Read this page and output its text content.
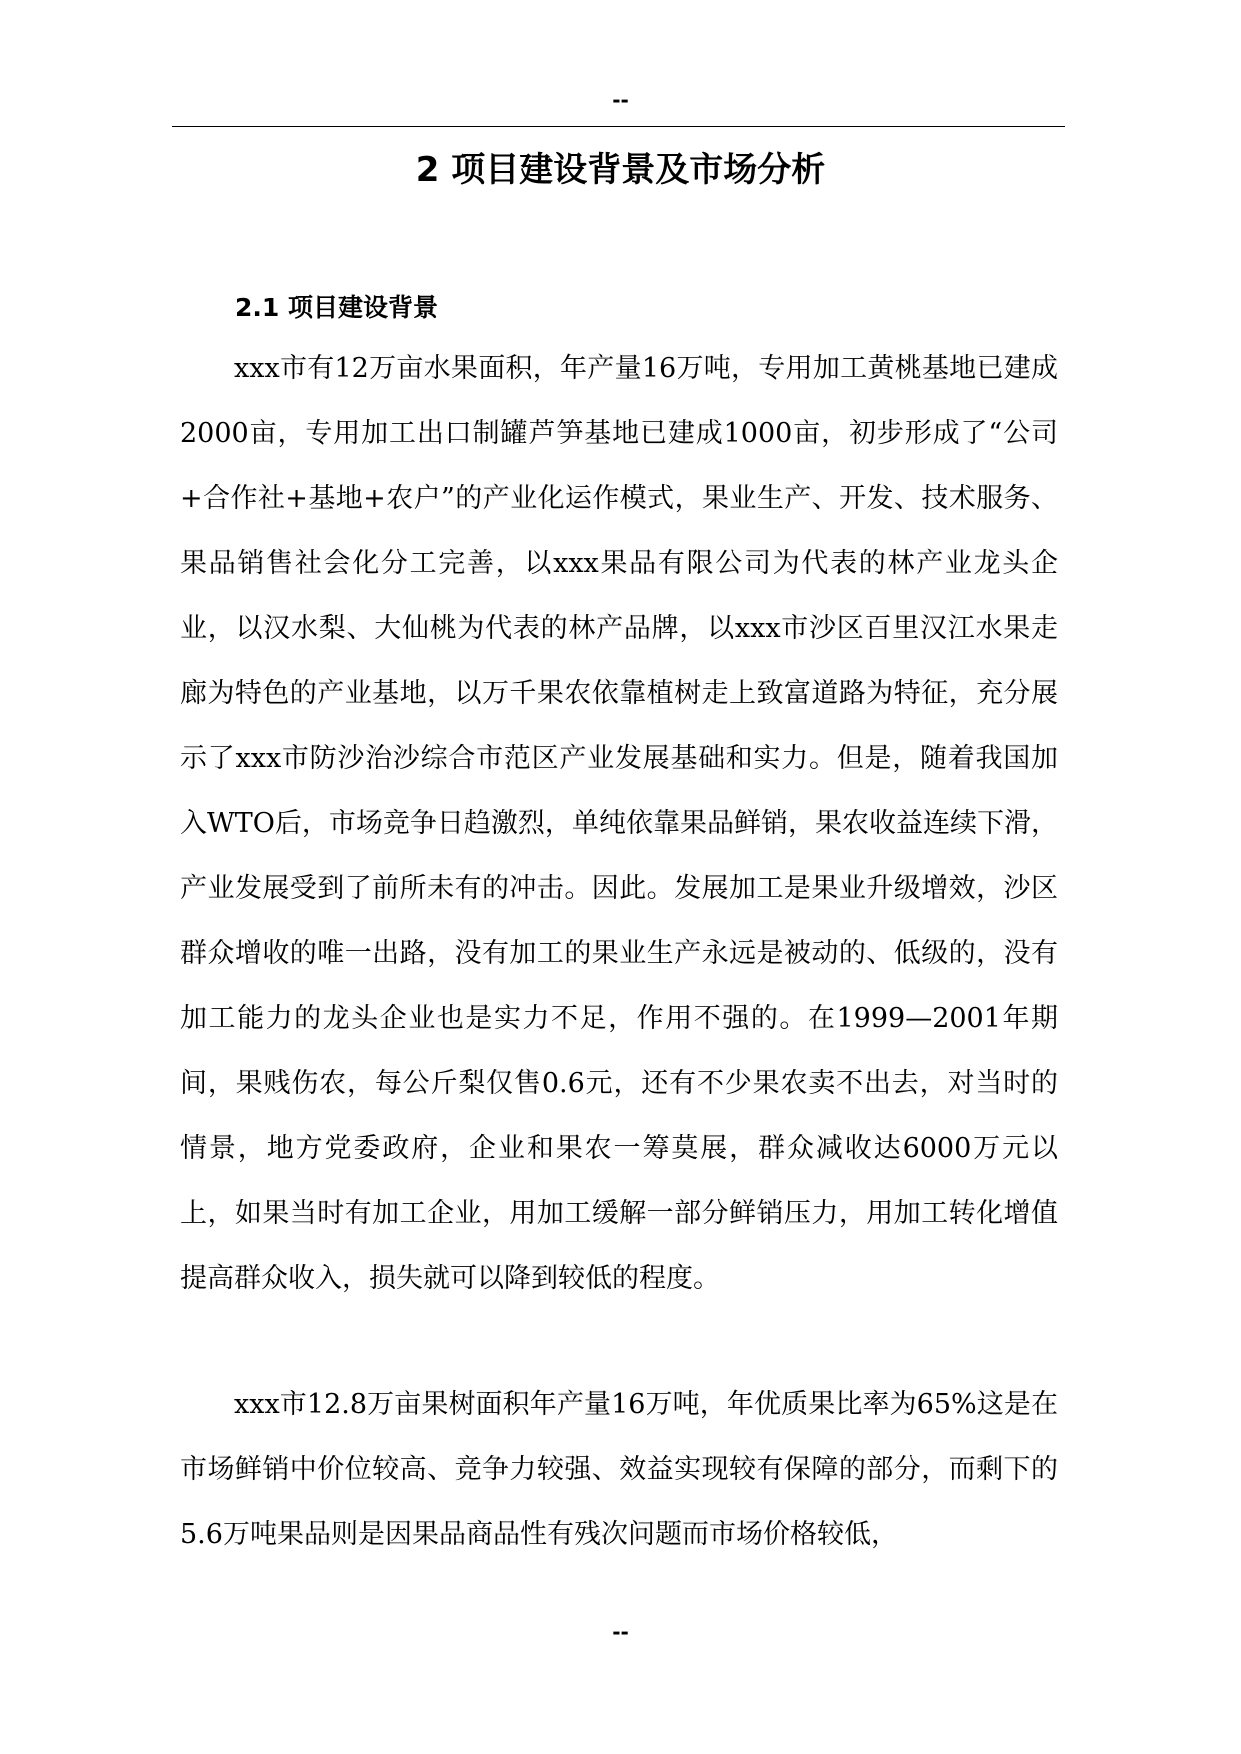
--
2 项目建设背景及市场分析
2.1 项目建设背景

xxx市有12万亩水果面积，年产量16万吨，专用加工黄桃基地已建成2000亩，专用加工出口制罐芦笋基地已建成1000亩，初步形成了“公司+合作社+基地+农户”的产业化运作模式，果业生产、开发、技术服务、果品销售社会化分工完善，以xxx果品有限公司为代表的林产业龙头企业，以汉水梨、大仙桃为代表的林产品牌，以xxx市沙区百里汉江水果走廊为特色的产业基地，以万千果农依靠植树走上致富道路为特征，充分展示了xxx市防沙治沙综合市范区产业发展基础和实力。但是，随着我国加入WTO后，市场竞争日趋激烈，单纯依靠果品鲜销，果农收益连续下滑，产业发展受到了前所未有的冲击。因此。发展加工是果业升级增效，沙区群众增收的唯一出路，没有加工的果业生产永远是被动的、低级的，没有加工能力的龙头企业也是实力不足，作用不强的。在1999—2001年期间，果贱伤农，每公斤梨仅售0.6元，还有不少果农卖不出去，对当时的情景，地方党委政府，企业和果农一筹莫展，群众减收达6000万元以上，如果当时有加工企业，用加工缓解一部分鲜销压力，用加工转化增值提高群众收入，损失就可以降到较低的程度。

xxx市12.8万亩果树面积年产量16万吨，年优质果比率为65%这是在市场鲜销中价位较高、竞争力较强、效益实现较有保障的部分，而剩下的5.6万吨果品则是因果品商品性有残次问题而市场价格较低，

--
